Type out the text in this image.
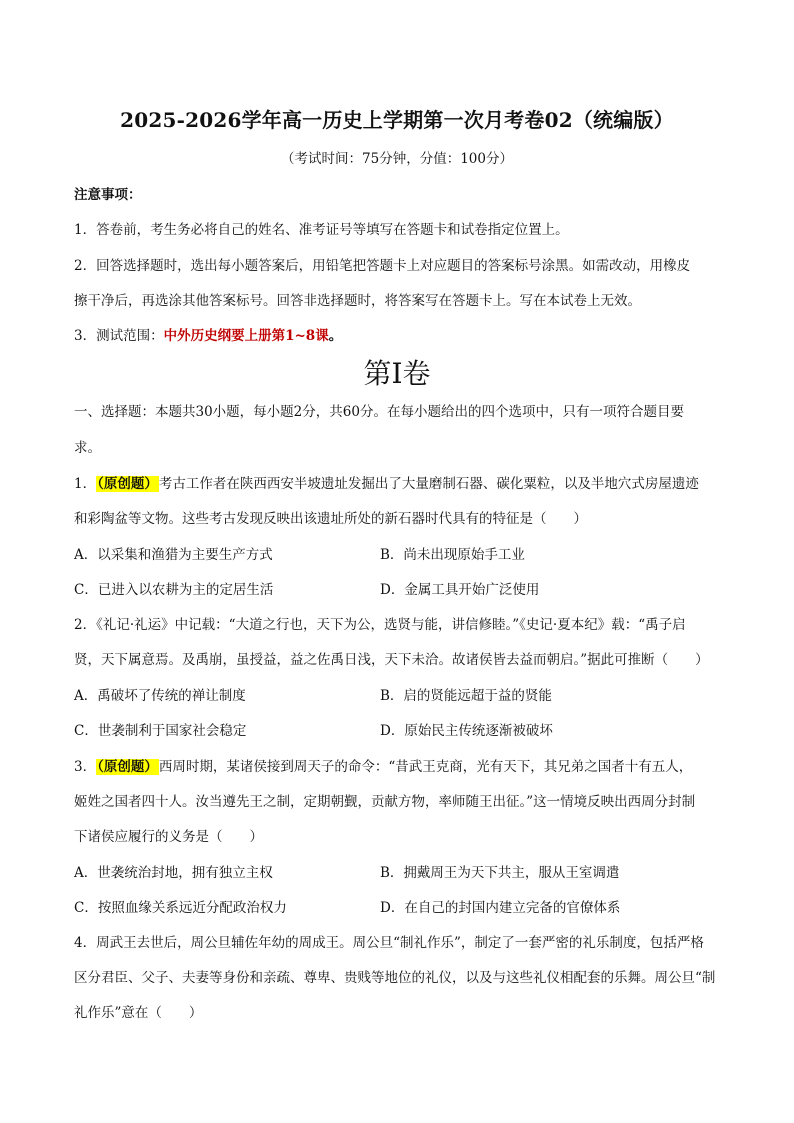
2025-2026学年高一历史上学期第一次月考卷02（统编版）
（考试时间：75分钟，分值：100分）
注意事项：
1．答卷前，考生务必将自己的姓名、准考证号等填写在答题卡和试卷指定位置上。
2．回答选择题时，选出每小题答案后，用铅笔把答题卡上对应题目的答案标号涂黑。如需改动，用橡皮
擦干净后，再选涂其他答案标号。回答非选择题时，将答案写在答题卡上。写在本试卷上无效。
3．测试范围：中外历史纲要上册第1~8课。
第Ⅰ卷
一、选择题：本题共30小题，每小题2分，共60分。在每小题给出的四个选项中，只有一项符合题目要
求。
1．（原创题）考古工作者在陕西西安半坡遗址发掘出了大量磨制石器、碳化粟粒，以及半地穴式房屋遗迹
和彩陶盆等文物。这些考古发现反映出该遗址所处的新石器时代具有的特征是（　　）
A．以采集和渔猎为主要生产方式	B．尚未出现原始手工业
C．已进入以农耕为主的定居生活	D．金属工具开始广泛使用
2．《礼记·礼运》中记载：“大道之行也，天下为公，选贤与能，讲信修睦。”《史记·夏本纪》载：“禹子启
贤，天下属意焉。及禹崩，虽授益，益之佐禹日浅，天下未洽。故诸侯皆去益而朝启。”据此可推断（　　）
A．禹破坏了传统的禅让制度	B．启的贤能远超于益的贤能
C．世袭制利于国家社会稳定	D．原始民主传统逐渐被破坏
3．（原创题）西周时期，某诸侯接到周天子的命令：“昔武王克商，光有天下，其兄弟之国者十有五人，
姬姓之国者四十人。汝当遵先王之制，定期朝觐，贡献方物，率师随王出征。”这一情境反映出西周分封制
下诸侯应履行的义务是（　　）
A．世袭统治封地，拥有独立主权	B．拥戴周王为天下共主，服从王室调遣
C．按照血缘关系远近分配政治权力	D．在自己的封国内建立完备的官僚体系
4．周武王去世后，周公旦辅佐年幼的周成王。周公旦“制礼作乐”，制定了一套严密的礼乐制度，包括严格
区分君臣、父子、夫妻等身份和亲疏、尊卑、贵贱等地位的礼仪，以及与这些礼仪相配套的乐舞。周公旦“制
礼作乐”意在（　　）
